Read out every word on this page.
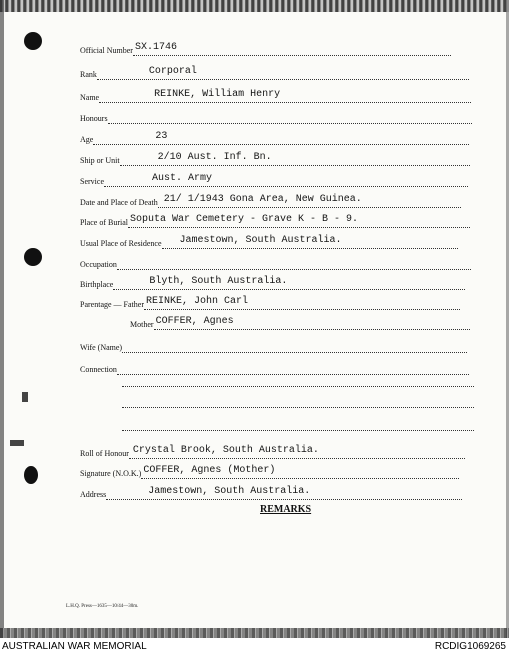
Official Number SX.1746
Rank	Corporal
Name	REINKE, William Henry
Honours
Age	23
Ship or Unit	2/10 Aust. Inf. Bn.
Service	Aust. Army
Date and Place of Death 21/ 1/1943 Gona Area, New Guinea.
Place of Burial Soputa War Cemetery - Grave K - B - 9.
Usual Place of Residence Jamestown, South Australia.
Occupation
Birthplace	Blyth, South Australia.
Parentage — Father REINKE, John Carl
Mother COFFER, Agnes
Wife (Name)
Connection
Roll of Honour Crystal Brook, South Australia.
Signature (N.O.K.) COFFER, Agnes (Mother)
Address	Jamestown, South Australia.
REMARKS
L.H.Q. Press—1635—10/44—30m.
AUSTRALIAN WAR MEMORIAL	RCDIG1069265
